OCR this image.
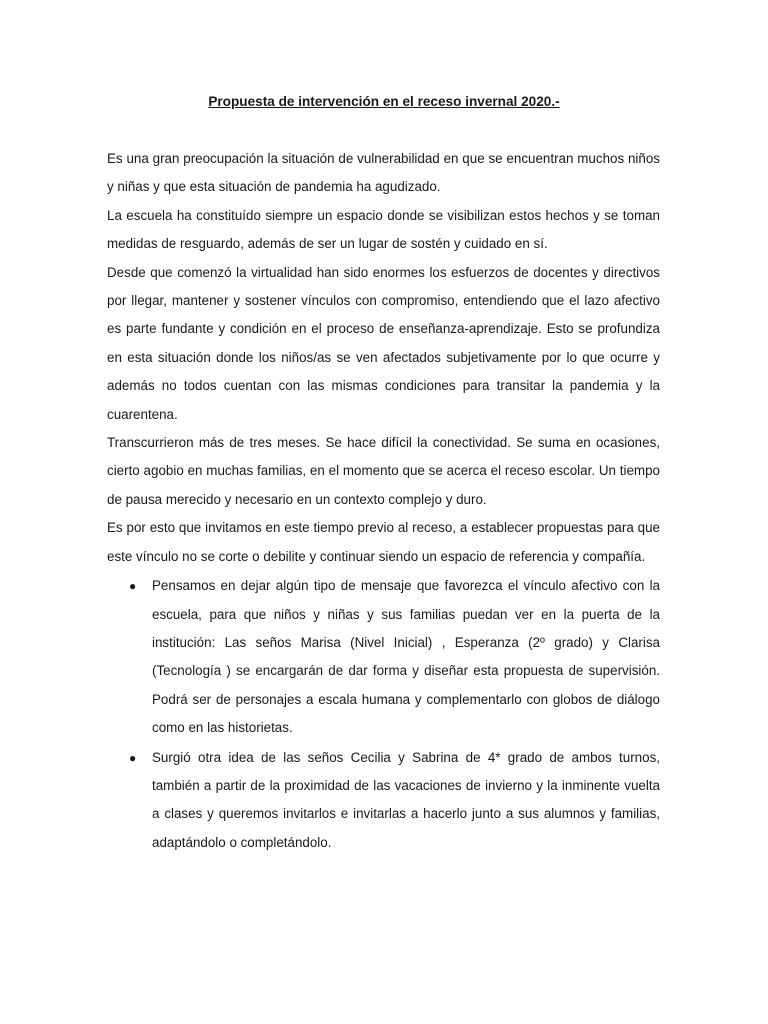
Propuesta de intervención en el receso invernal 2020.-

Es una gran preocupación la situación de vulnerabilidad en que se encuentran muchos niños y niñas y que esta situación de pandemia ha agudizado.

La escuela ha constituído siempre un espacio donde se visibilizan estos hechos y se toman medidas de resguardo, además de ser un lugar de sostén y cuidado en sí.

Desde que comenzó la virtualidad han sido enormes los esfuerzos de docentes y directivos por llegar, mantener y sostener vínculos con compromiso, entendiendo que el lazo afectivo es parte fundante y condición en el proceso de enseñanza-aprendizaje. Esto se profundiza en esta situación donde los niños/as se ven afectados subjetivamente por lo que ocurre y además no todos cuentan con las mismas condiciones para transitar la pandemia y la cuarentena.

Transcurrieron más de tres meses. Se hace difícil la conectividad. Se suma en ocasiones, cierto agobio en muchas familias, en el momento que se acerca el receso escolar. Un tiempo de pausa merecido y necesario en un contexto complejo y duro.

Es por esto que invitamos en este tiempo previo al receso, a establecer propuestas para que este vínculo no se corte o debilite y continuar siendo un espacio de referencia y compañía.

● Pensamos en dejar algún tipo de mensaje que favorezca el vínculo afectivo con la escuela, para que niños y niñas y sus familias puedan ver en la puerta de la institución: Las seños Marisa (Nivel Inicial) , Esperanza (2º grado) y Clarisa (Tecnología ) se encargarán de dar forma y diseñar esta propuesta de supervisión. Podrá ser de personajes a escala humana y complementarlo con globos de diálogo como en las historietas.
● Surgió otra idea de las seños Cecilia y Sabrina de 4* grado de ambos turnos, también a partir de la proximidad de las vacaciones de invierno y la inminente vuelta a clases y queremos invitarlos e invitarlas a hacerlo junto a sus alumnos y familias, adaptándolo o completándolo.
